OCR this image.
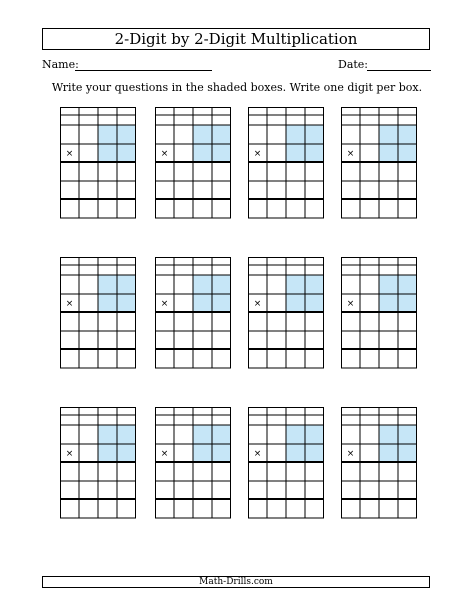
2-Digit by 2-Digit Multiplication
Name:	Date:
Write your questions in the shaded boxes. Write one digit per box.
×	×	×	×
×	×	×	×
×	×	×	×
Math-Drills.com
